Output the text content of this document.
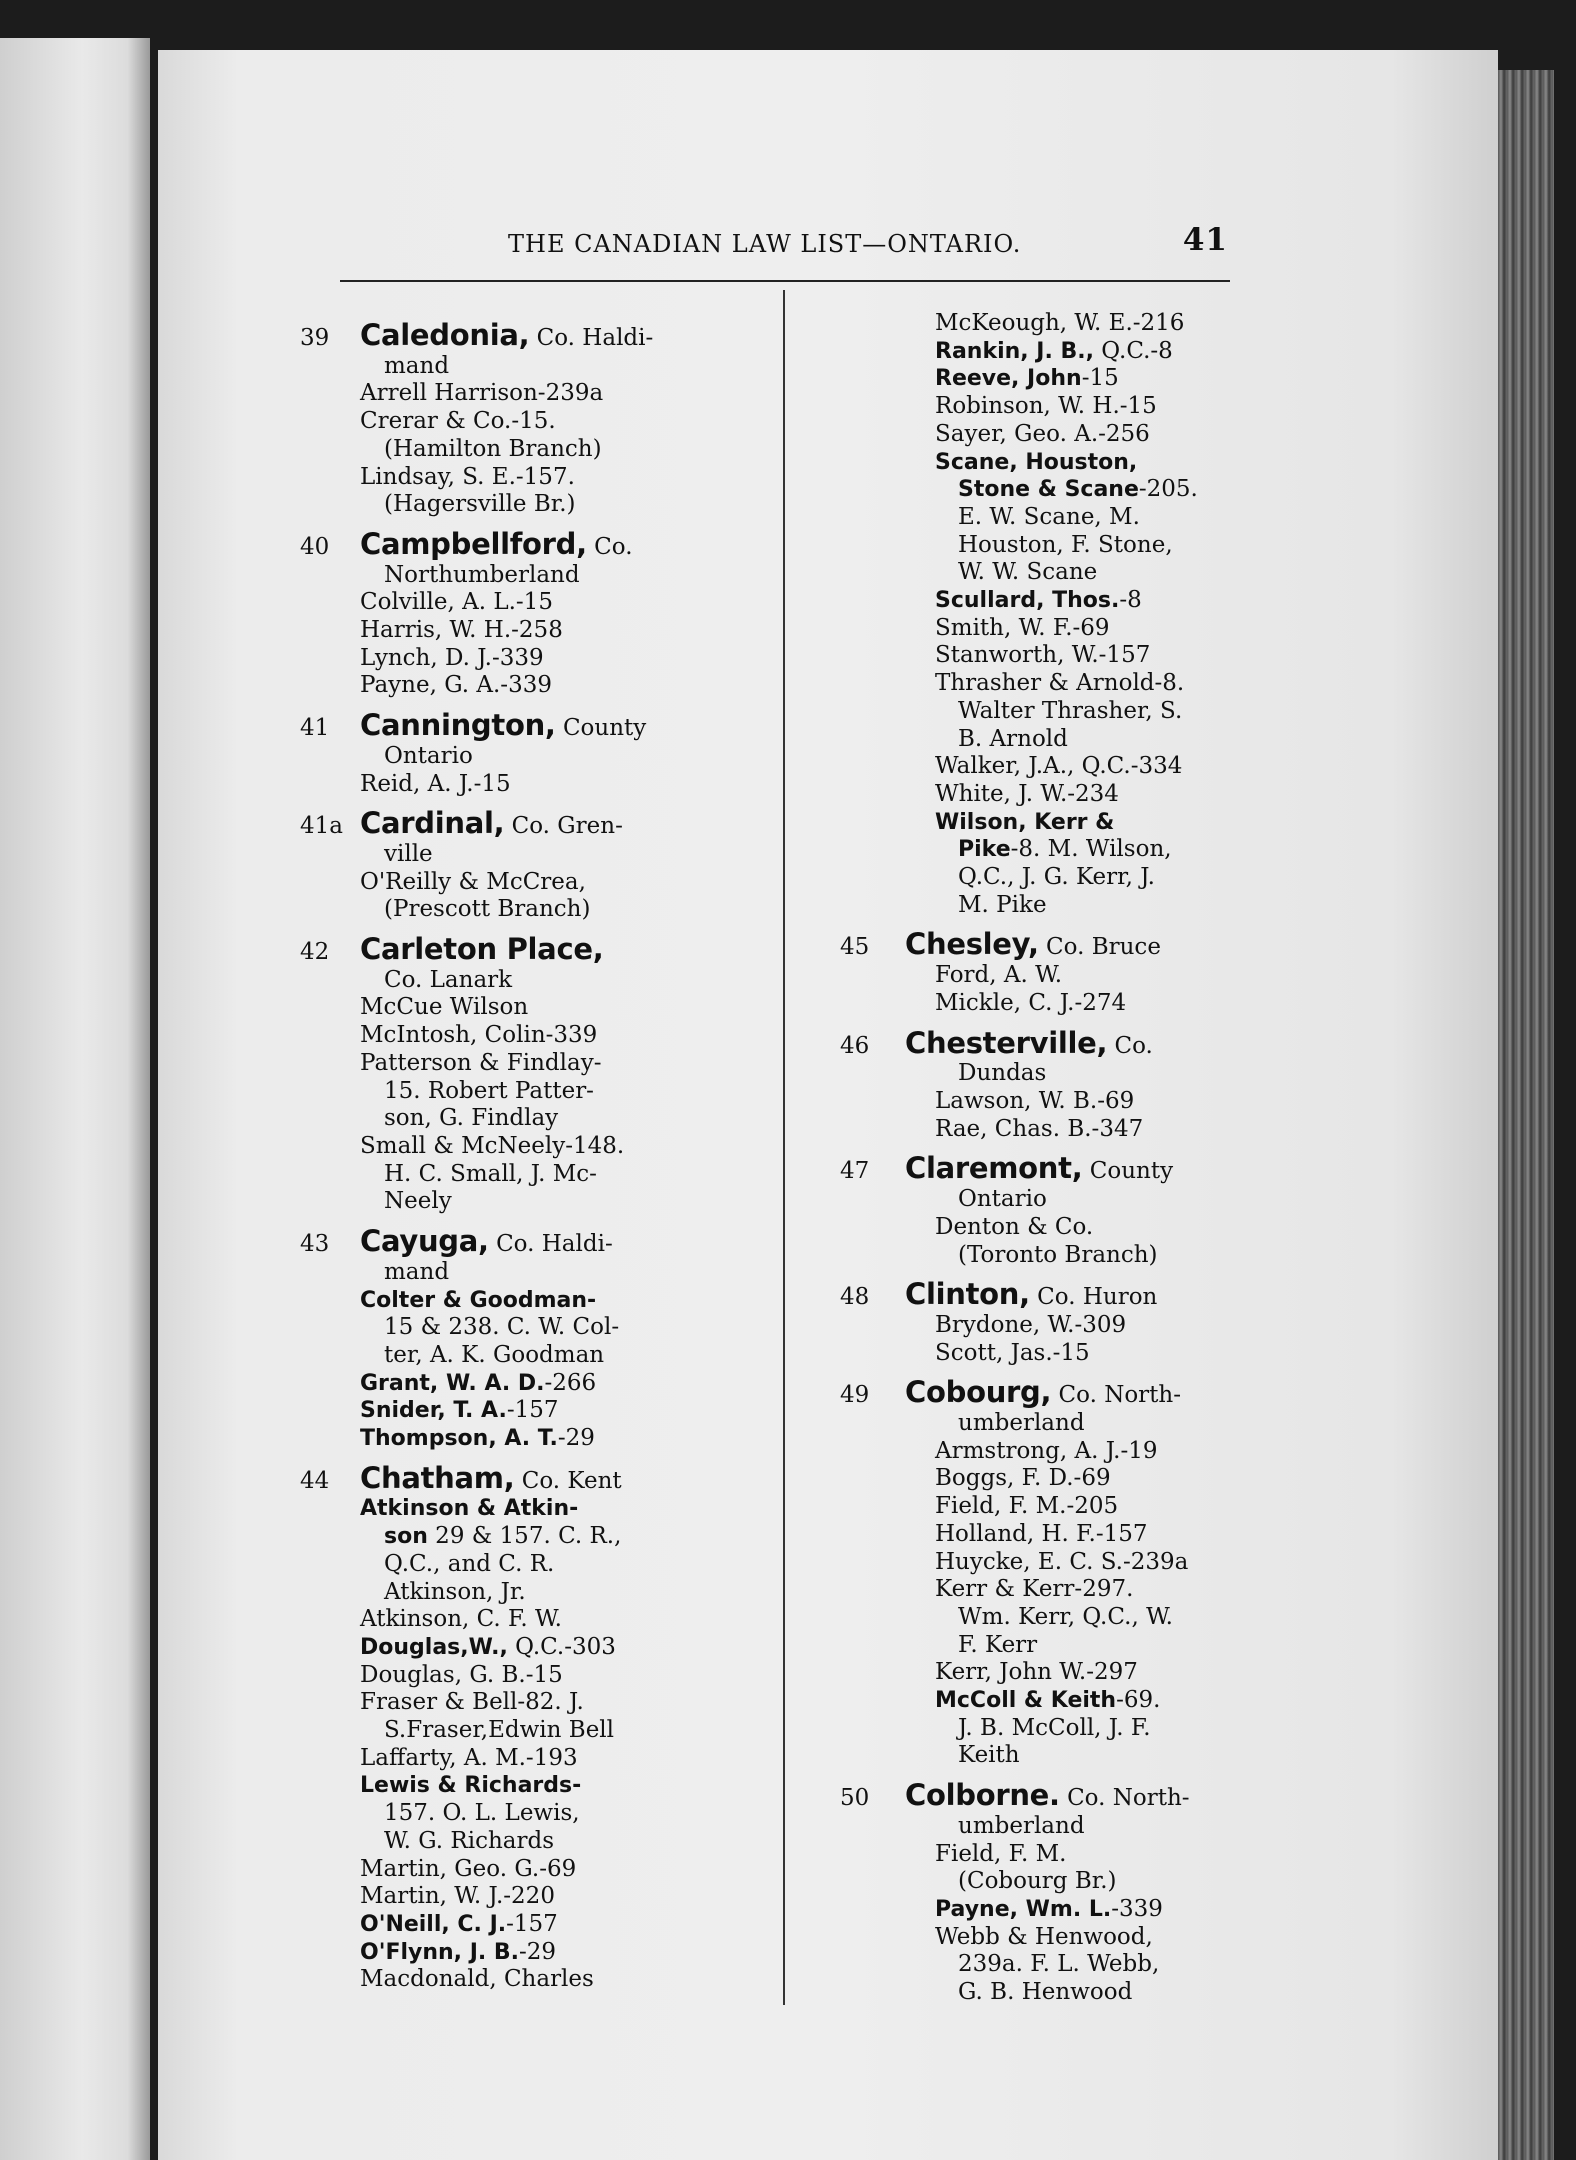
THE CANADIAN LAW LIST—ONTARIO.	41
39 Caledonia, Co. Haldi-
mand
Arrell Harrison-239a
Crerar & Co.-15.
(Hamilton Branch)
Lindsay, S. E.-157.
(Hagersville Br.)
40 Campbellford, Co.
Northumberland
Colville, A. L.-15
Harris, W. H.-258
Lynch, D. J.-339
Payne, G. A.-339
41 Cannington, County
Ontario
Reid, A. J.-15
41a Cardinal, Co. Gren-
ville
O'Reilly & McCrea,
(Prescott Branch)
42 Carleton Place,
Co. Lanark
McCue Wilson
McIntosh, Colin-339
Patterson & Findlay-
15. Robert Patter-
son, G. Findlay
Small & McNeely-148.
H. C. Small, J. Mc-
Neely
43 Cayuga, Co. Haldi-
mand
Colter & Goodman-
15 & 238. C. W. Col-
ter, A. K. Goodman
Grant, W. A. D.-266
Snider, T. A.-157
Thompson, A. T.-29
44 Chatham, Co. Kent
Atkinson & Atkin-
son 29 & 157. C. R.,
Q.C., and C. R.
Atkinson, Jr.
Atkinson, C. F. W.
Douglas,W., Q.C.-303
Douglas, G. B.-15
Fraser & Bell-82. J.
S.Fraser,Edwin Bell
Laffarty, A. M.-193
Lewis & Richards-
157. O. L. Lewis,
W. G. Richards
Martin, Geo. G.-69
Martin, W. J.-220
O'Neill, C. J.-157
O'Flynn, J. B.-29
Macdonald, Charles
McKeough, W. E.-216
Rankin, J. B., Q.C.-8
Reeve, John-15
Robinson, W. H.-15
Sayer, Geo. A.-256
Scane, Houston,
Stone & Scane-205.
E. W. Scane, M.
Houston, F. Stone,
W. W. Scane
Scullard, Thos.-8
Smith, W. F.-69
Stanworth, W.-157
Thrasher & Arnold-8.
Walter Thrasher, S.
B. Arnold
Walker, J.A., Q.C.-334
White, J. W.-234
Wilson, Kerr &
Pike-8. M. Wilson,
Q.C., J. G. Kerr, J.
M. Pike
45 Chesley, Co. Bruce
Ford, A. W.
Mickle, C. J.-274
46 Chesterville, Co.
Dundas
Lawson, W. B.-69
Rae, Chas. B.-347
47 Claremont, County
Ontario
Denton & Co.
(Toronto Branch)
48 Clinton, Co. Huron
Brydone, W.-309
Scott, Jas.-15
49 Cobourg, Co. North-
umberland
Armstrong, A. J.-19
Boggs, F. D.-69
Field, F. M.-205
Holland, H. F.-157
Huycke, E. C. S.-239a
Kerr & Kerr-297.
Wm. Kerr, Q.C., W.
F. Kerr
Kerr, John W.-297
McColl & Keith-69.
J. B. McColl, J. F.
Keith
50 Colborne. Co. North-
umberland
Field, F. M.
(Cobourg Br.)
Payne, Wm. L.-339
Webb & Henwood,
239a. F. L. Webb,
G. B. Henwood
